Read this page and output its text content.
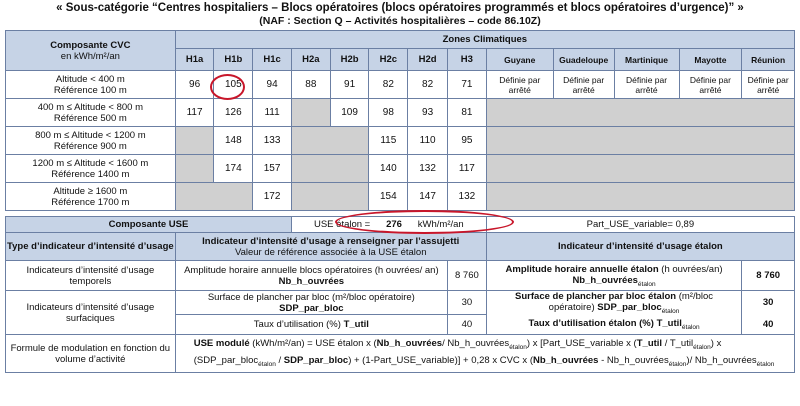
« Sous-catégorie “Centres hospitaliers – Blocs opératoires (blocs opératoires programmés et blocs opératoires d’urgence)” »
(NAF : Section Q – Activités hospitalières – code 86.10Z)
Composante CVC
en kWh/m²/an	Zones Climatiques												
	H1a	H1b	H1c	H2a	H2b	H2c	H2d	H3	Guyane	Guadeloupe	Martinique	Mayotte	Réunion

Altitude < 400 m
Référence 100 m	96	105	94	88	91	82	82	71	Définie par arrêté	Définie par arrêté	Définie par arrêté	Définie par arrêté	Définie par arrêté

400 m ≤ Altitude < 800 m
Référence 500 m	117	126	111		109	98	93	81					

800 m ≤ Altitude < 1200 m
Référence 900 m		148	133			115	110	95					

1200 m ≤ Altitude < 1600 m
Référence 1400 m		174	157			140	132	117					

Altitude ≥ 1600 m
Référence 1700 m			172			154	147	132					

Composante USE				USE étalon = 276 kWh/m²/an					Part_USE_variable= 0,89				
Type d’indicateur d’intensité d’usage	Indicateur d’intensité d’usage à renseigner par l’assujetti
Valeur de référence associée à la USE étalon								Indicateur d’intensité d’usage étalon				
Indicateurs d’intensité d’usage temporels	Amplitude horaire annuelle blocs opératoires (h ouvrées/ an)
Nb_h_ouvrées							8 760	Amplitude horaire annuelle étalon (h ouvrées/an)
Nb_h_ouvrées$_{étalon}$				8 760
Indicateurs d’intensité d’usage surfaciques	Surface de plancher par bloc (m²/bloc opératoire) SDP_par_bloc							30	Surface de plancher par bloc étalon (m²/bloc
opératoire) SDP_par_bloc$_{étalon}$				30
	Taux d’utilisation (%) T_util							40	Taux d’utilisation étalon (%) T_util$_{étalon}$				40
Formule de modulation en fonction du volume d’activité	USE modulé (kWh/m²/an) = USE étalon x (Nb_h_ouvrées/ Nb_h_ouvrées$_{étalon}$) x [Part_USE_variable x (T_util / T_util$_{étalon}$) x (SDP_par_bloc$_{étalon}$ / SDP_par_bloc) + (1-Part_USE_variable)] + 0,28 x CVC x (Nb_h_ouvrées - Nb_h_ouvrées$_{étalon}$)/ Nb_h_ouvrées$_{étalon}$
